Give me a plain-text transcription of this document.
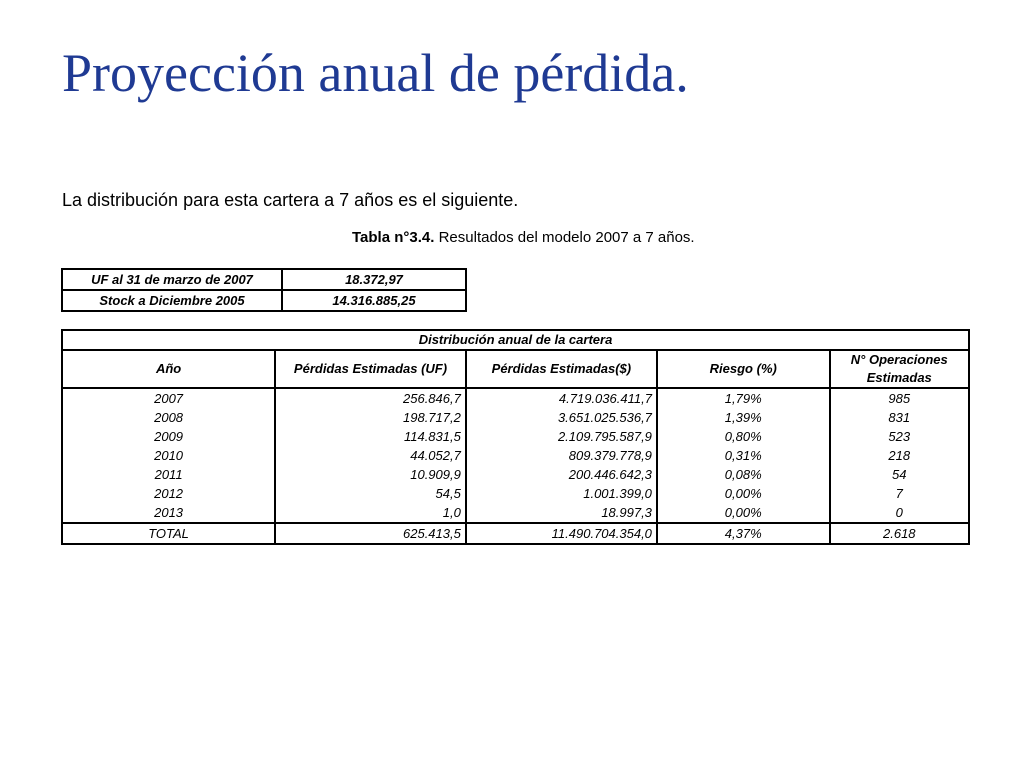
Proyección anual de pérdida.

La distribución para esta cartera a 7 años es el siguiente.

Tabla n°3.4. Resultados del modelo 2007 a 7 años.

UF al 31 de marzo de 2007	18.372,97
Stock a Diciembre 2005	14.316.885,25
Distribución anual de la cartera				
Año	Pérdidas Estimadas (UF)	Pérdidas Estimadas($)	Riesgo (%)	N° Operaciones Estimadas
2007	256.846,7	4.719.036.411,7	1,79%	985
2008	198.717,2	3.651.025.536,7	1,39%	831
2009	114.831,5	2.109.795.587,9	0,80%	523
2010	44.052,7	809.379.778,9	0,31%	218
2011	10.909,9	200.446.642,3	0,08%	54
2012	54,5	1.001.399,0	0,00%	7
2013	1,0	18.997,3	0,00%	0
TOTAL	625.413,5	11.490.704.354,0	4,37%	2.618
